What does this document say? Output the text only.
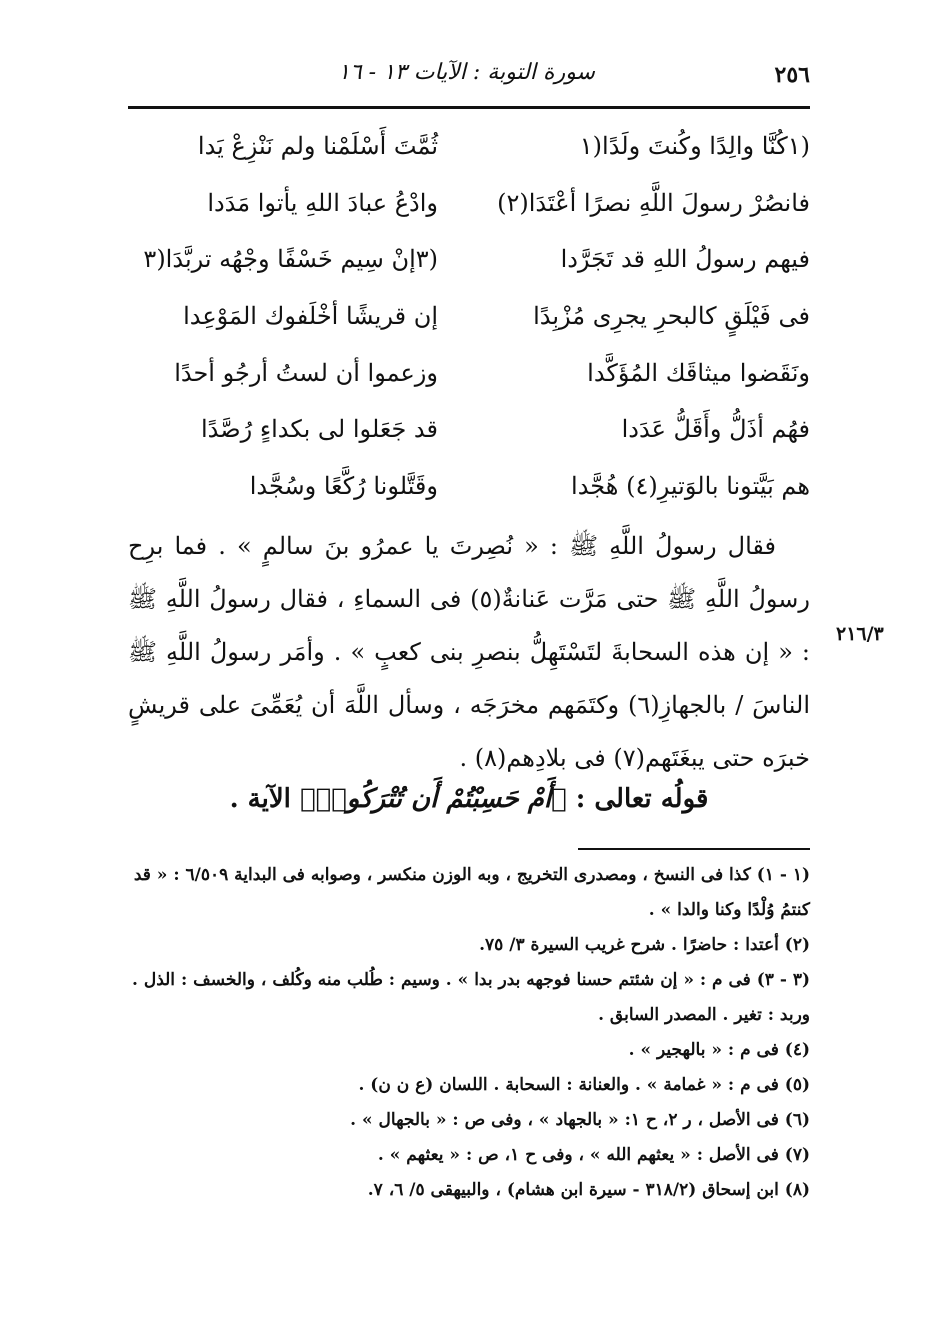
٢٥٦
سورة التوبة : الآيات ١٣ - ١٦
(١كُنَّا والِدًا وكُنتَ ولَدًا(١
ثُمَّتَ أَسْلَمْنا ولم نَنْزِعْ يَدا
فانصُرْ رسولَ اللَّهِ نصرًا أعْتَدَا(٢)
وادْعُ عبادَ اللهِ يأتوا مَدَدا
فيهم رسولُ اللهِ قد تَجَرَّدا
(٣إنْ سِيم خَسْفًا وجْهُه تربَّدَا(٣
فى فَيْلَقٍ كالبحرِ يجرِى مُزْبِدًا
إن قريشًا أخْلَفوك المَوْعِدا
ونَقَضوا ميثاقَك المُؤَكَّدا
وزعموا أن لستُ أرجُو أحدًا
فهُم أذَلُّ وأَقَلُّ عَدَدا
قد جَعَلوا لى بكداءٍ رُصَّدًا
هم بَيَّتونا بالوَتيرِ(٤) هُجَّدا
وقَتَّلونا رُكَّعًا وسُجَّدا
فقال رسولُ اللَّهِ ﷺ : « نُصِرتَ يا عمرُو بنَ سالمٍ » . فما برِح رسولُ اللَّهِ ﷺ حتى مَرَّت عَنانةٌ(٥) فى السماءِ ، فقال رسولُ اللَّهِ ﷺ : « إن هذه السحابةَ لتَسْتَهِلُّ بنصرِ بنى كعبٍ » . وأمَر رسولُ اللَّهِ ﷺ الناسَ / بالجهازِ(٦) وكتَمَهم مخرَجَه ، وسأل اللَّهَ أن يُعَمِّىَ على قريشٍ خبرَه حتى يبغَتَهم(٧) فى بلادِهم(٨) .
٢١٦/٣
قولُه تعالى : ﴿أَمْ حَسِبْتُمْ أَن تُتْرَكُوا۟﴾ الآية .

(١ - ١) كذا فى النسخ ، ومصدرى التخريج ، وبه الوزن منكسر ، وصوابه فى البداية ٦/٥٠٩ : « قد كنتمُ وُلْدًا وكنا والدا » .

(٢) أعتدا : حاضرًا . شرح غريب السيرة ٣/ ٧٥.

(٣ - ٣) فى م : « إن شئتم حسنا فوجهه بدر بدا » . وسيم : طُلب منه وكُلف ، والخسف : الذل . وربد : تغير . المصدر السابق .

(٤) فى م : « بالهجير » .

(٥) فى م : « غمامة » . والعنانة : السحابة . اللسان (ع ن ن) .

(٦) فى الأصل ، ر ٢، ح ١: « بالجهاد » ، وفى ص : « بالجهال » .

(٧) فى الأصل : « يعثهم الله » ، وفى ح ١، ص : « يعثهم » .

(٨) ابن إسحاق (٣١٨/٢ - سيرة ابن هشام) ، والبيهقى ٥/ ٦، ٧.
